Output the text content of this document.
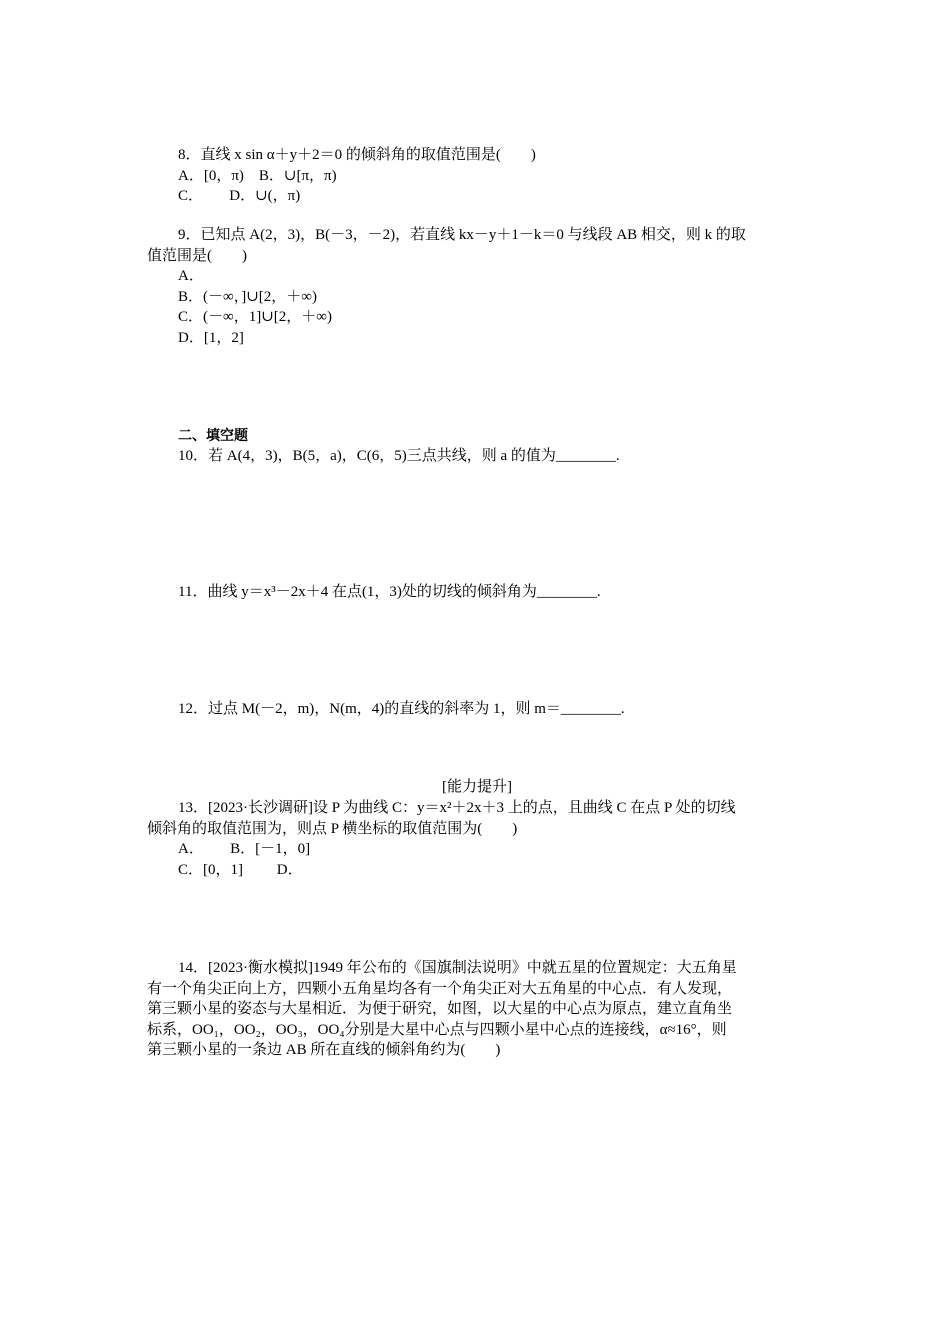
8．直线 x sin α＋y＋2＝0 的倾斜角的取值范围是(　　)
A．[0，π)　B．∪[π，π)
C．　　 D．∪(，π)
9．已知点 A(2，3)，B(－3，－2)，若直线 kx－y＋1－k＝0 与线段 AB 相交，则 k 的取
值范围是(　　)
A．
B．(－∞，]∪[2，＋∞)
C．(－∞，1]∪[2，＋∞)
D．[1，2]
二、填空题
10．若 A(4，3)，B(5，a)，C(6，5)三点共线，则 a 的值为________.
11．曲线 y＝x³－2x＋4 在点(1，3)处的切线的倾斜角为________.
12．过点 M(－2，m)，N(m，4)的直线的斜率为 1，则 m＝________.
[能力提升]
13．[2023·长沙调研]设 P 为曲线 C：y＝x²＋2x＋3 上的点，且曲线 C 在点 P 处的切线
倾斜角的取值范围为，则点 P 横坐标的取值范围为(　　)
A．　　 B．[－1，0]
C．[0，1]　　 D．
14．[2023·衡水模拟]1949 年公布的《国旗制法说明》中就五星的位置规定：大五角星
有一个角尖正向上方，四颗小五角星均各有一个角尖正对大五角星的中心点．有人发现，
第三颗小星的姿态与大星相近．为便于研究，如图，以大星的中心点为原点，建立直角坐
标系，OO₁，OO₂，OO₃，OO₄分别是大星中心点与四颗小星中心点的连接线，α≈16°，则
第三颗小星的一条边 AB 所在直线的倾斜角约为(　　)
